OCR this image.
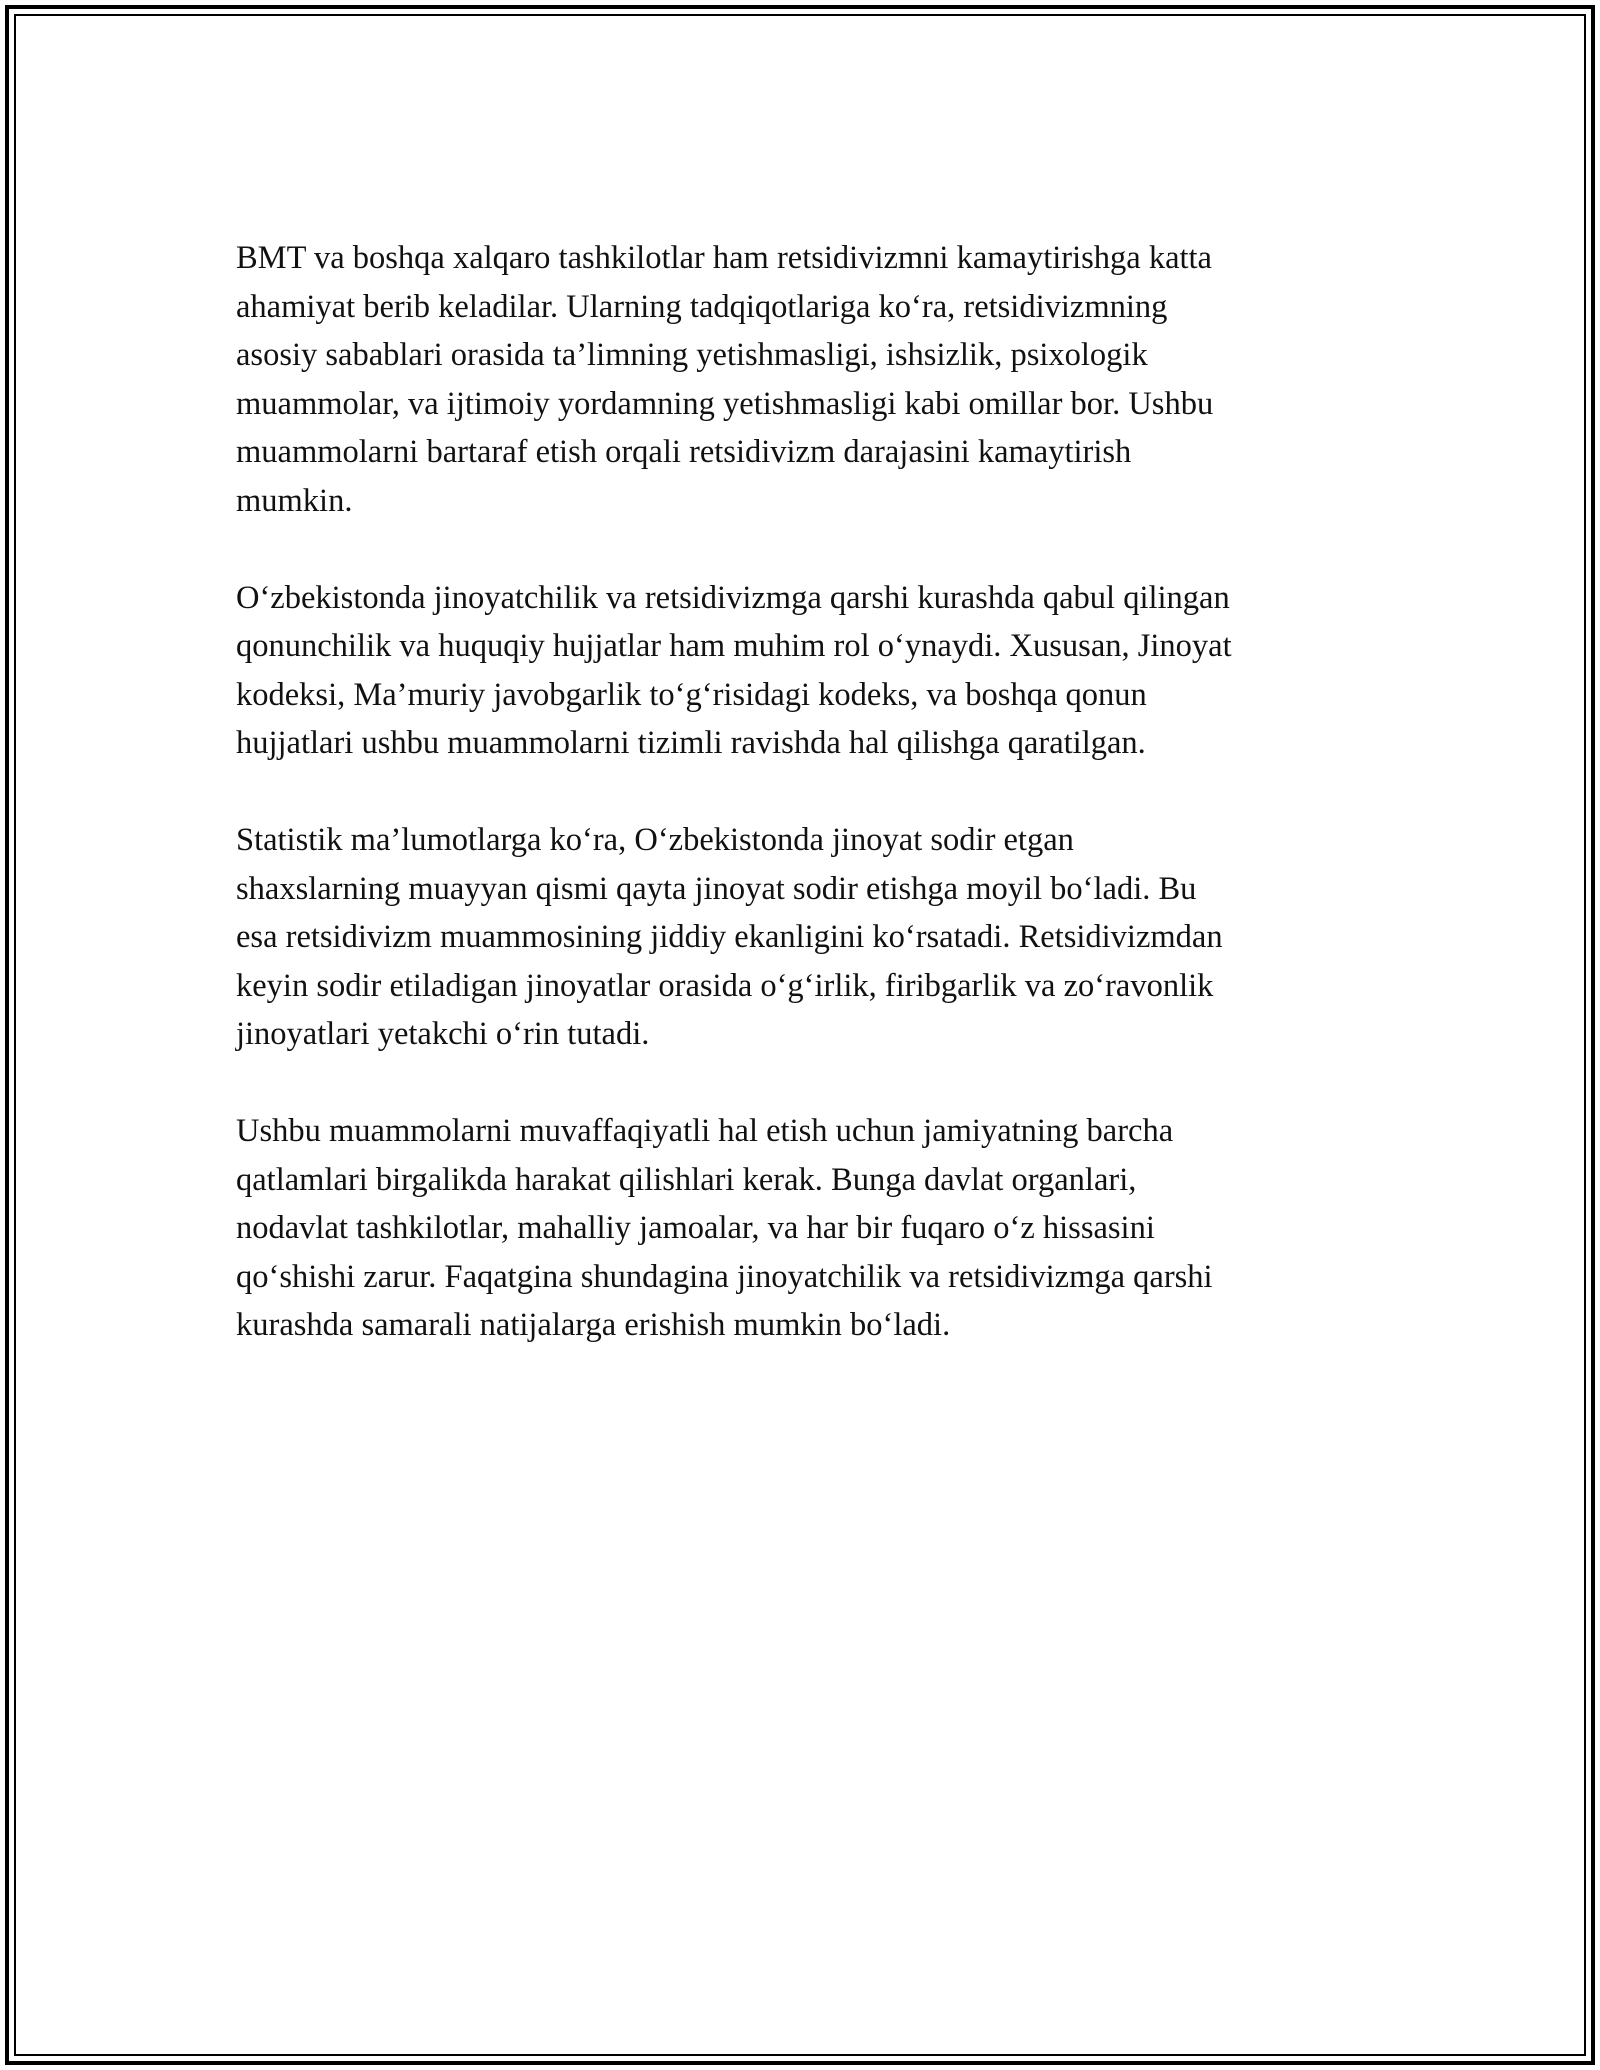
BMT va boshqa xalqaro tashkilotlar ham retsidivizmni kamaytirishga katta
ahamiyat berib keladilar. Ularning tadqiqotlariga ko‘ra, retsidivizmning
asosiy sabablari orasida ta’limning yetishmasligi, ishsizlik, psixologik
muammolar, va ijtimoiy yordamning yetishmasligi kabi omillar bor. Ushbu
muammolarni bartaraf etish orqali retsidivizm darajasini kamaytirish
mumkin.

O‘zbekistonda jinoyatchilik va retsidivizmga qarshi kurashda qabul qilingan
qonunchilik va huquqiy hujjatlar ham muhim rol o‘ynaydi. Xususan, Jinoyat
kodeksi, Ma’muriy javobgarlik to‘g‘risidagi kodeks, va boshqa qonun
hujjatlari ushbu muammolarni tizimli ravishda hal qilishga qaratilgan.

Statistik ma’lumotlarga ko‘ra, O‘zbekistonda jinoyat sodir etgan
shaxslarning muayyan qismi qayta jinoyat sodir etishga moyil bo‘ladi. Bu
esa retsidivizm muammosining jiddiy ekanligini ko‘rsatadi. Retsidivizmdan
keyin sodir etiladigan jinoyatlar orasida o‘g‘irlik, firibgarlik va zo‘ravonlik
jinoyatlari yetakchi o‘rin tutadi.

Ushbu muammolarni muvaffaqiyatli hal etish uchun jamiyatning barcha
qatlamlari birgalikda harakat qilishlari kerak. Bunga davlat organlari,
nodavlat tashkilotlar, mahalliy jamoalar, va har bir fuqaro o‘z hissasini
qo‘shishi zarur. Faqatgina shundagina jinoyatchilik va retsidivizmga qarshi
kurashda samarali natijalarga erishish mumkin bo‘ladi.
